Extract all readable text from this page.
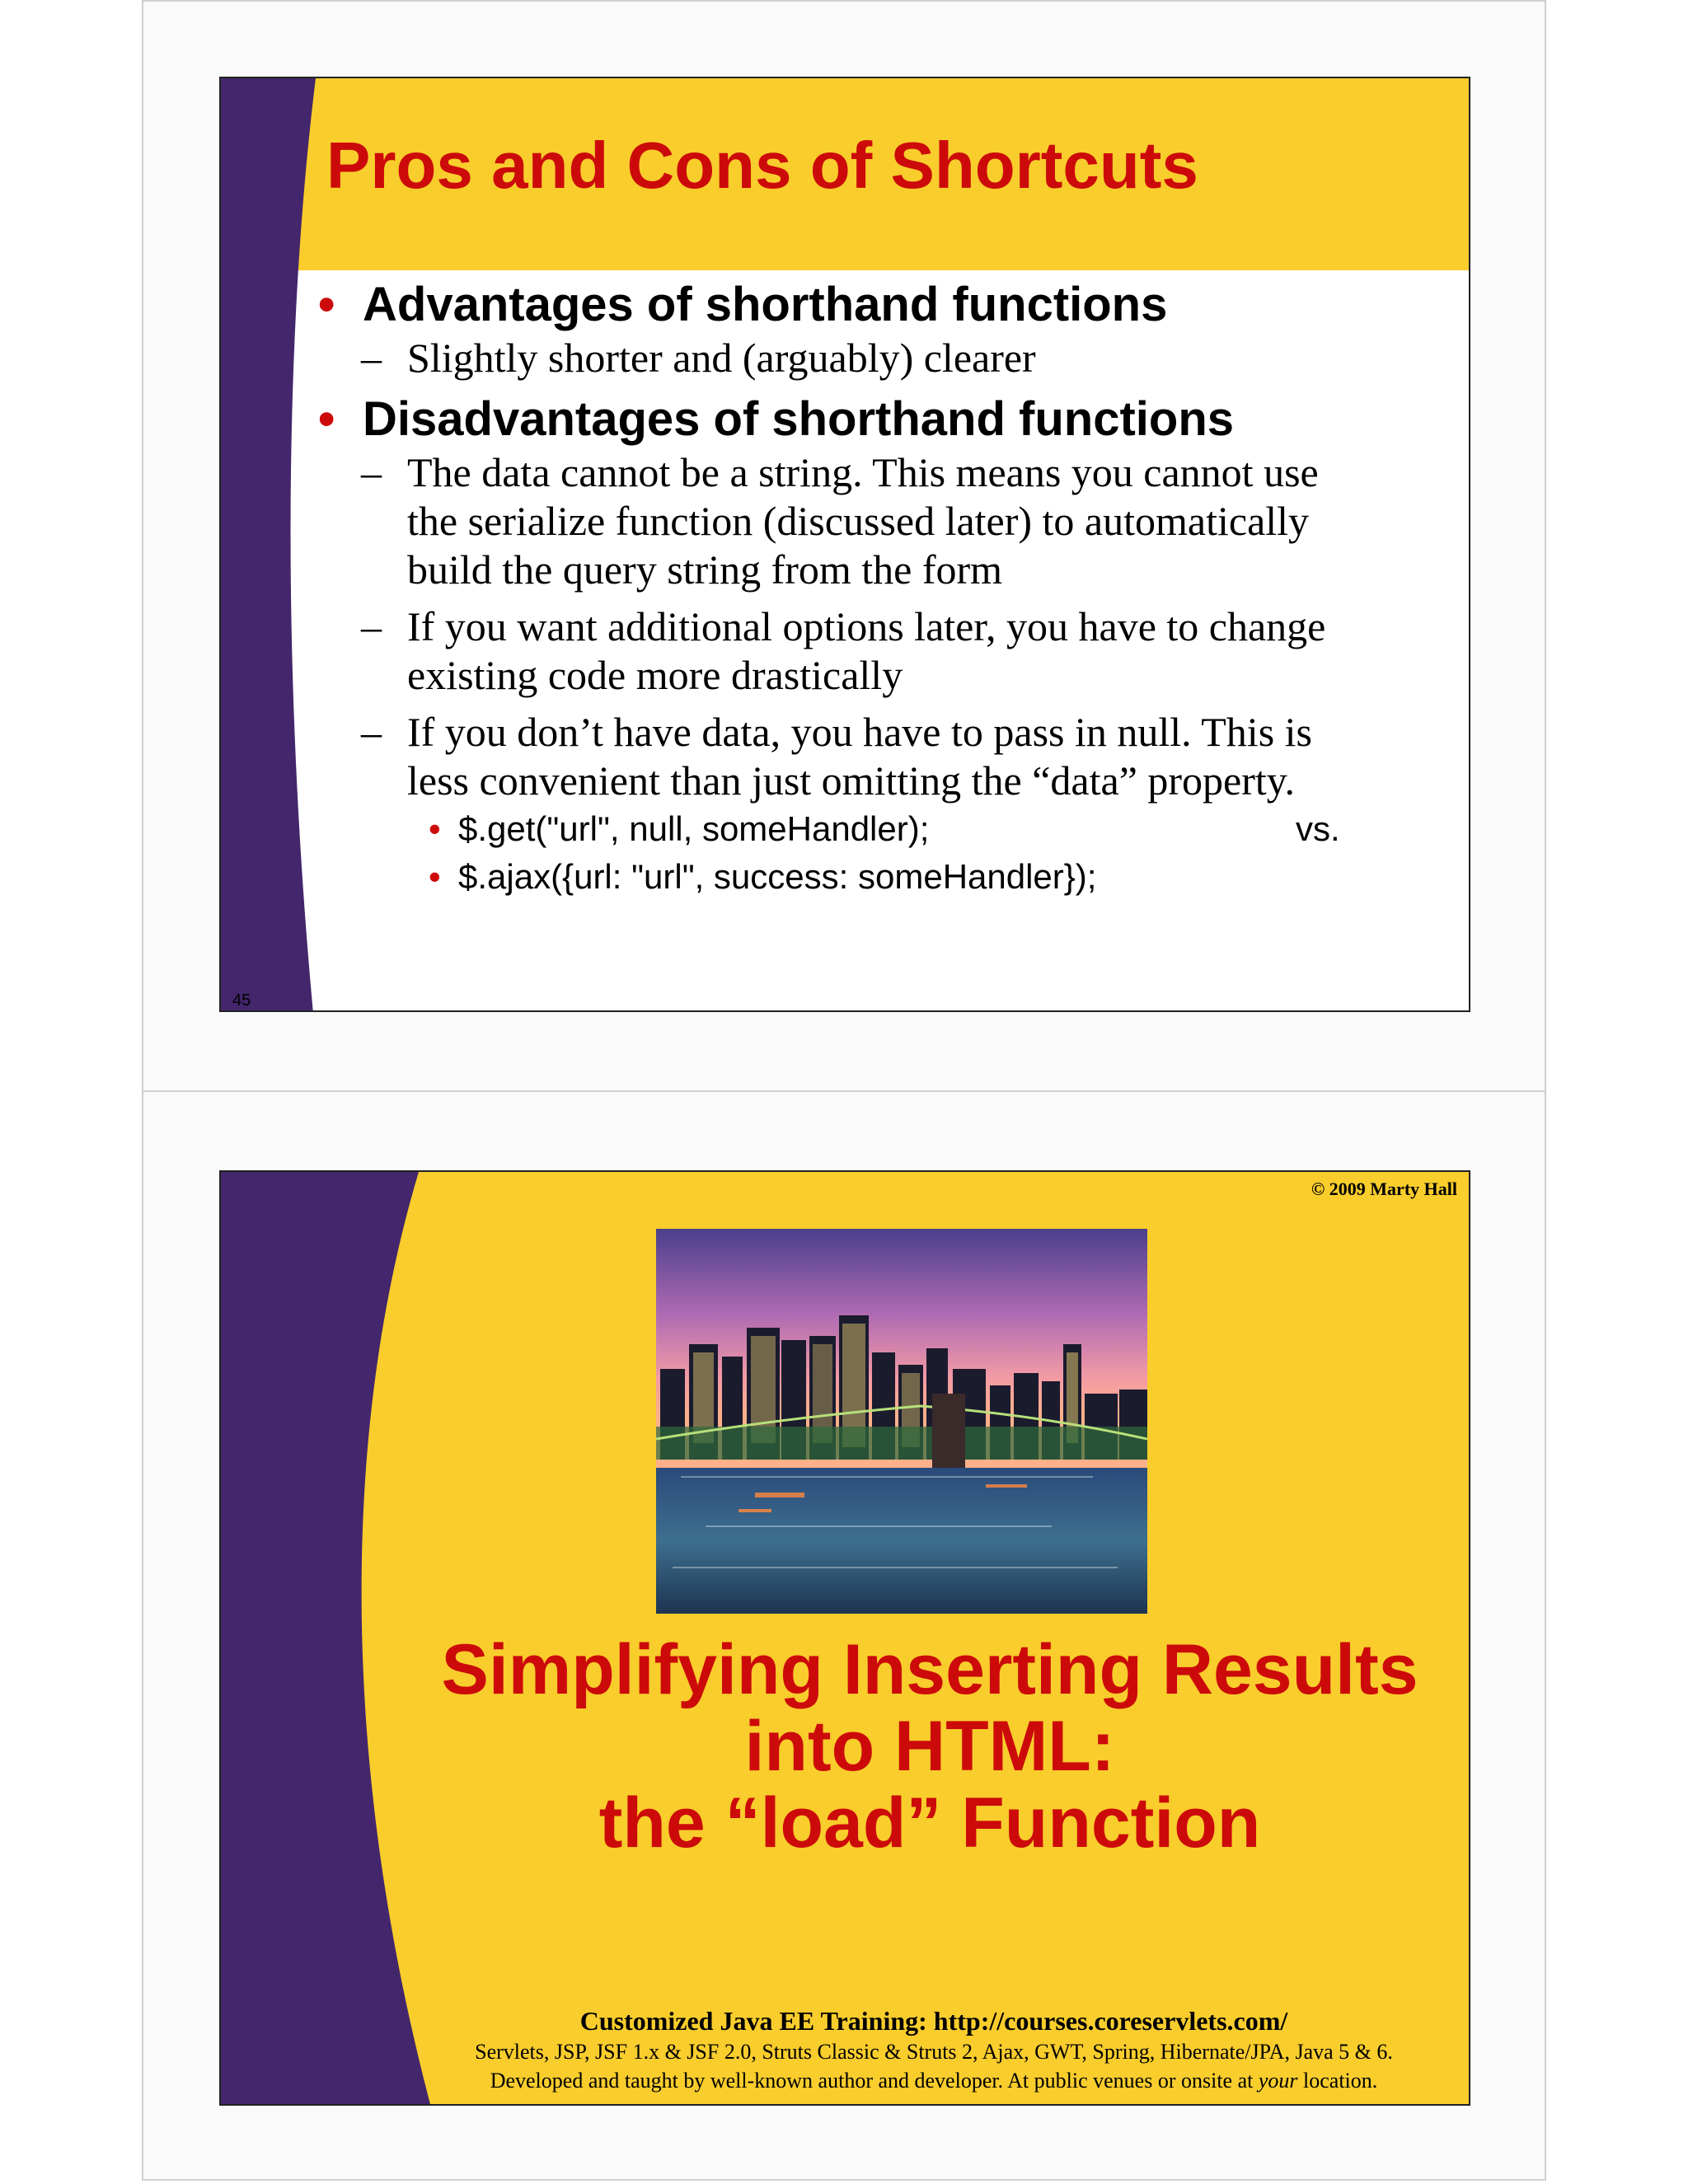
Pros and Cons of Shortcuts
• Advantages of shorthand functions
– Slightly shorter and (arguably) clearer
• Disadvantages of shorthand functions
– The data cannot be a string. This means you cannot use
the serialize function (discussed later) to automatically
build the query string from the form
– If you want additional options later, you have to change
existing code more drastically
– If you don’t have data, you have to pass in null. This is
less convenient than just omitting the “data” property.
• $.get("url", null, someHandler);	vs.
• $.ajax({url: "url", success: someHandler});
45
© 2009 Marty Hall
Simplifying Inserting Results
into HTML:
the “load” Function
Customized Java EE Training: http://courses.coreservlets.com/
Servlets, JSP, JSF 1.x & JSF 2.0, Struts Classic & Struts 2, Ajax, GWT, Spring, Hibernate/JPA, Java 5 & 6.
Developed and taught by well-known author and developer. At public venues or onsite at your location.
